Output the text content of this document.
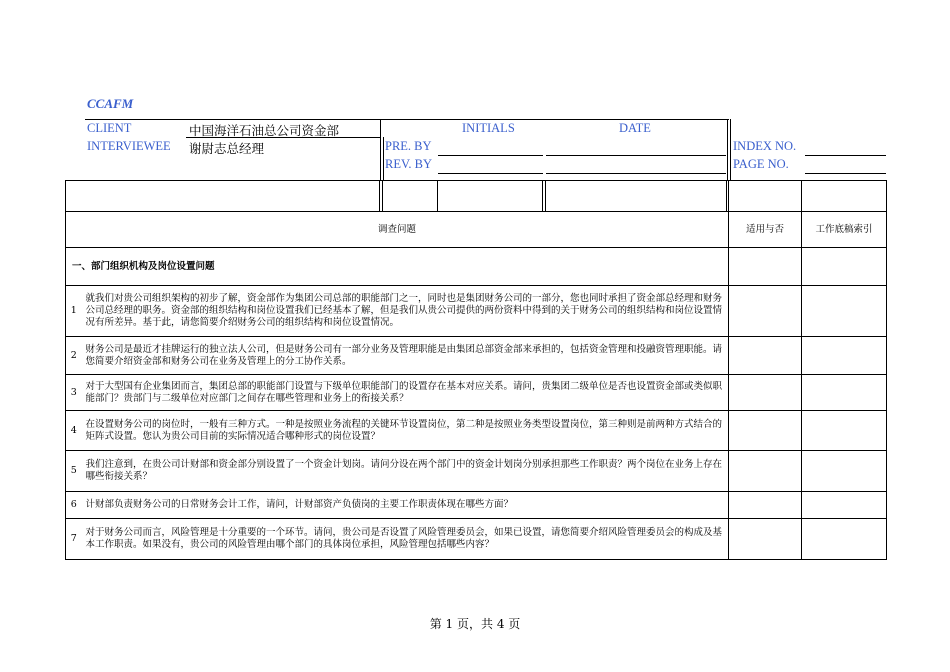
CCAFM
CLIENT	中国海洋石油总公司资金部
INTERVIEWEE 谢尉志总经理
INITIALS	DATE
PRE. BY
REV. BY
INDEX NO.
PAGE NO.

调查问题		适用与否	工作底稿索引
一、部门组织机构及岗位设置问题			
1	就我们对贵公司组织架构的初步了解，资金部作为集团公司总部的职能部门之一，同时也是集团财务公司的一部分，您也同时承担了资金部总经理和财务公司总经理的职务。资金部的组织结构和岗位设置我们已经基本了解，但是我们从贵公司提供的两份资料中得到的关于财务公司的组织结构和岗位设置情况有所差异。基于此，请您简要介绍财务公司的组织结构和岗位设置情况。		
2	财务公司是最近才挂牌运行的独立法人公司，但是财务公司有一部分业务及管理职能是由集团总部资金部来承担的，包括资金管理和投融资管理职能。请您简要介绍资金部和财务公司在业务及管理上的分工协作关系。		
3	对于大型国有企业集团而言，集团总部的职能部门设置与下级单位职能部门的设置存在基本对应关系。请问，贵集团二级单位是否也设置资金部或类似职能部门？贵部门与二级单位对应部门之间存在哪些管理和业务上的衔接关系？		
4	在设置财务公司的岗位时，一般有三种方式。一种是按照业务流程的关键环节设置岗位，第二种是按照业务类型设置岗位，第三种则是前两种方式结合的矩阵式设置。您认为贵公司目前的实际情况适合哪种形式的岗位设置？		
5	我们注意到，在贵公司计财部和资金部分别设置了一个资金计划岗。请问分设在两个部门中的资金计划岗分别承担那些工作职责？两个岗位在业务上存在哪些衔接关系？		
6	计财部负责财务公司的日常财务会计工作，请问，计财部资产负债岗的主要工作职责体现在哪些方面？		
7	对于财务公司而言，风险管理是十分重要的一个环节。请问，贵公司是否设置了风险管理委员会，如果已设置，请您简要介绍风险管理委员会的构成及基本工作职责。如果没有，贵公司的风险管理由哪个部门的具体岗位承担，风险管理包括哪些内容？		
第 1 页，共 4 页
